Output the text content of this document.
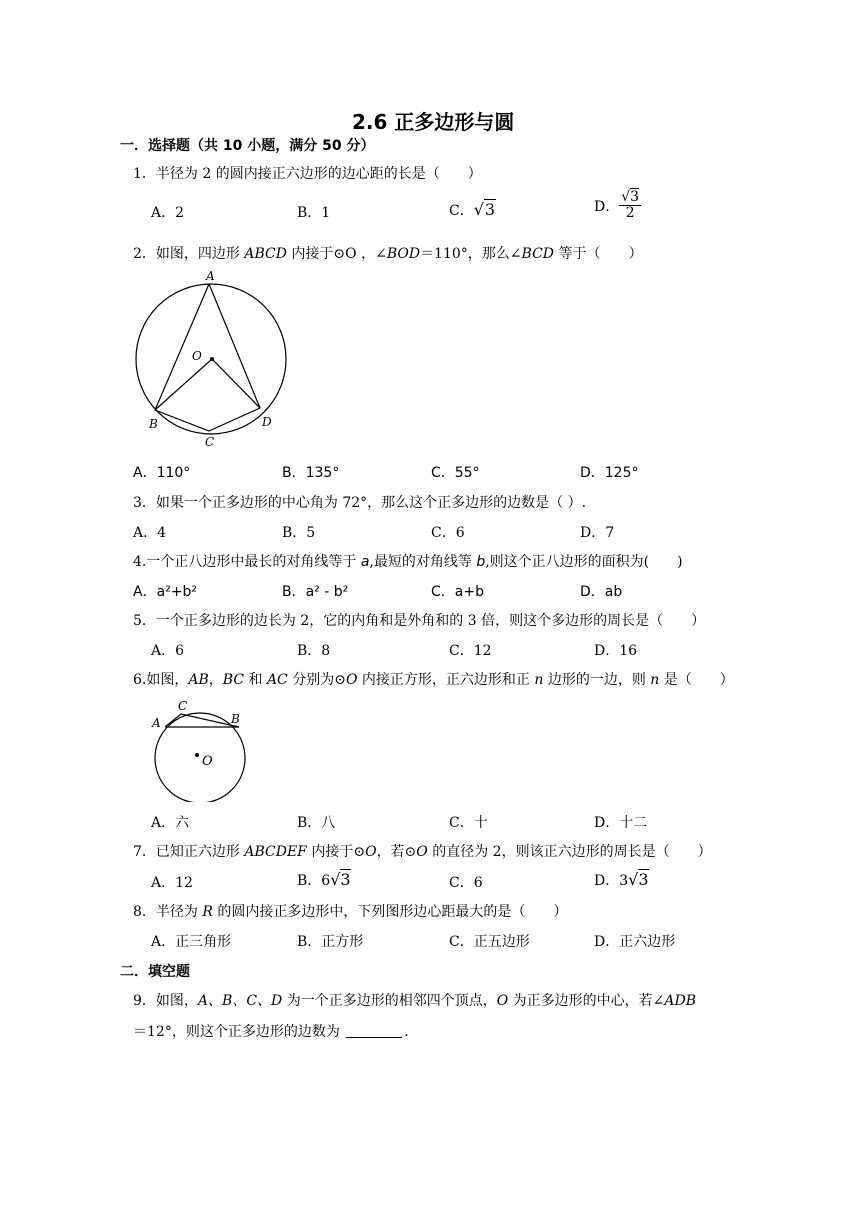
2.6 正多边形与圆
一．选择题（共 10 小题，满分 50 分）
1．半径为 2 的圆内接正六边形的边心距的长是（　　）
A．2	B．1	C．√3	D． $\frac{√3}{2}$
2．如图，四边形 ABCD 内接于⊙O ，∠BOD＝110°，那么∠BCD 等于（　　）
A
O
B
C
D
A．110°	B．135°	C．55°	D．125°
3．如果一个正多边形的中心角为 72°，那么这个正多边形的边数是（ ）.
A．4	B．5	C．6	D．7
4.一个正八边形中最长的对角线等于 a,最短的对角线等 b,则这个正八边形的面积为(　　)
A．a²+b²	B．a² - b²	C．a+b	D．ab
5．一个正多边形的边长为 2，它的内角和是外角和的 3 倍，则这个多边形的周长是（　　）
A．6	B．8	C．12	D．16
6.如图，AB，BC 和 AC 分别为⊙O 内接正方形，正六边形和正 n 边形的一边，则 n 是（　　）
A
C
B
O
A．六	B．八	C．十	D．十二
7．已知正六边形 ABCDEF 内接于⊙O，若⊙O 的直径为 2，则该正六边形的周长是（　　）
A．12	B．6√3	C．6	D．3√3
8．半径为 R 的圆内接正多边形中，下列图形边心距最大的是（　　）
A．正三角形	B．正方形	C．正五边形	D．正六边形
二．填空题
9．如图，A、B、C、D 为一个正多边形的相邻四个顶点，O 为正多边形的中心，若∠ADB
＝12°，则这个正多边形的边数为	.
